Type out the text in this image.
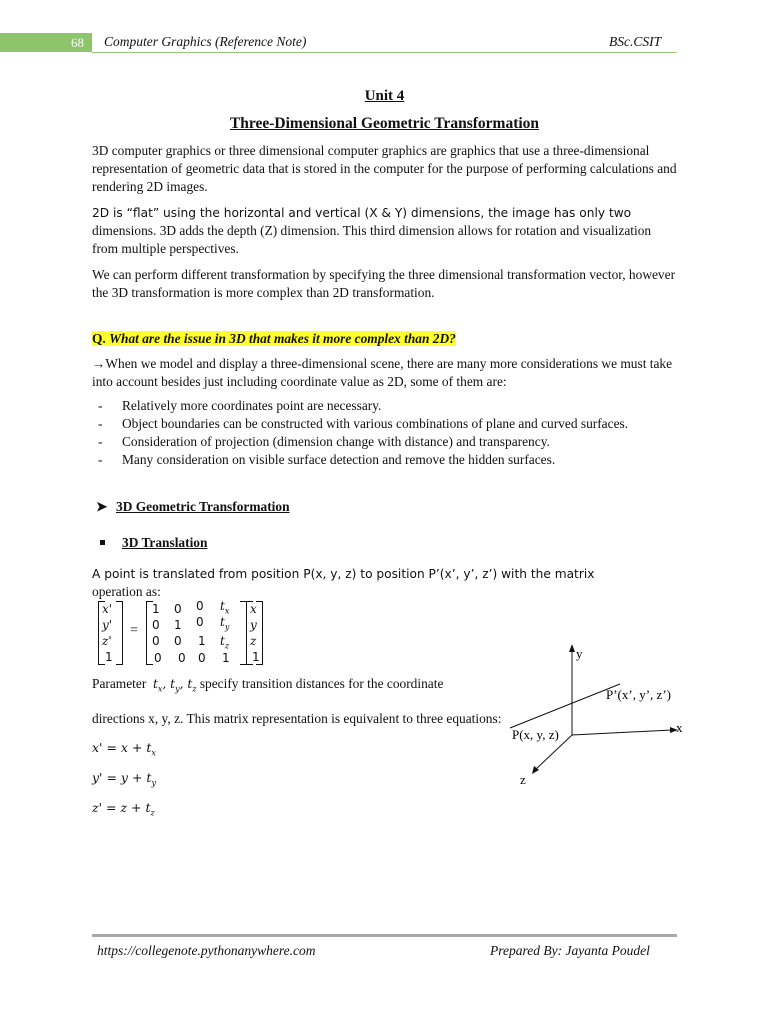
68	Computer Graphics (Reference Note)	BSc.CSIT
Unit 4
Three-Dimensional Geometric Transformation

3D computer graphics or three dimensional computer graphics are graphics that use a three-dimensional representation of geometric data that is stored in the computer for the purpose of performing calculations and rendering 2D images.

2D is “flat” using the horizontal and vertical (X & Y) dimensions, the image has only two dimensions. 3D adds the depth (Z) dimension. This third dimension allows for rotation and visualization from multiple perspectives.

We can perform different transformation by specifying the three dimensional transformation vector, however the 3D transformation is more complex than 2D transformation.

Q. What are the issue in 3D that makes it more complex than 2D?

→When we model and display a three-dimensional scene, there are many more considerations we must take into account besides just including coordinate value as 2D, some of them are:

- Relatively more coordinates point are necessary.
- Object boundaries can be constructed with various combinations of plane and curved surfaces.
- Consideration of projection (dimension change with distance) and transparency.
- Many consideration on visible surface detection and remove the hidden surfaces.
➤ 3D Geometric Transformation
3D Translation
A point is translated from position P(x, y, z) to position P’(x’, y’, z’) with the matrix
operation as:
x'
y'
z'
1
=
1 0 0 $t_x$
0 1 0 $t_y$
0 0 1 $t_z$
0 0 0 1
x
y
z
1

Parameter $t_x$, $t_y$, $t_z$ specify transition distances for the coordinate

directions x, y, z. This matrix representation is equivalent to three equations:

$x' = x + t_x$
$y' = y + t_y$
$z' = z + t_z$
y
x
z
P(x, y, z)
P’(x’, y’, z’)
https://collegenote.pythonanywhere.com	Prepared By: Jayanta Poudel
